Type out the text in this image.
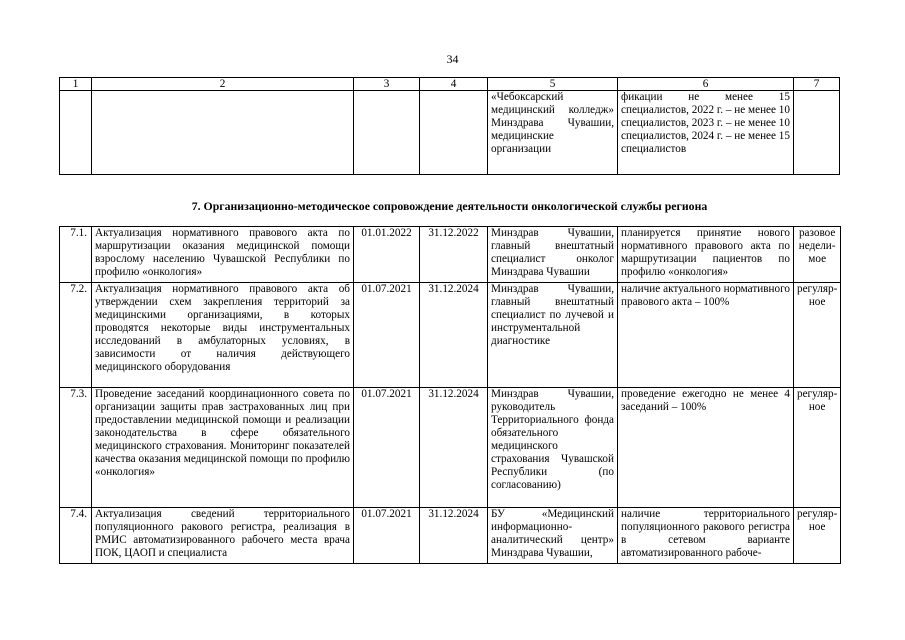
34
1	2	3	4	5	6	7
				«Чебоксарский медицинский колледж» Минздрава Чувашии, медицинские организации	фикации не менее 15 специалистов, 2022 г. – не менее 10 специалистов, 2023 г. – не менее 10 специалистов, 2024 г. – не менее 15 специалистов	
7. Организационно-методическое сопровождение деятельности онкологической службы региона
7.1.	Актуализация нормативного правового акта по маршрутизации оказания медицинской помощи взрослому населению Чувашской Республики по профилю «онкология»	01.01.2022	31.12.2022	Минздрав Чувашии, главный внештатный специалист онколог Минздрава Чувашии	планируется принятие нового нормативного правового акта по маршрутизации пациентов по профилю «онкология»	разовое недели-мое
7.2.	Актуализация нормативного правового акта об утверждении схем закрепления территорий за медицинскими организациями, в которых проводятся некоторые виды инструментальных исследований в амбулаторных условиях, в зависимости от наличия действующего медицинского оборудования	01.07.2021	31.12.2024	Минздрав Чувашии, главный внештатный специалист по лучевой и инструментальной диагностике	наличие актуального нормативного правового акта – 100%	регуляр-ное
7.3.	Проведение заседаний координационного совета по организации защиты прав застрахованных лиц при предоставлении медицинской помощи и реализации законодательства в сфере обязательного медицинского страхования. Мониторинг показателей качества оказания медицинской помощи по профилю «онкология»	01.07.2021	31.12.2024	Минздрав Чувашии, руководитель Территориального фонда обязательного медицинского страхования Чувашской Республики (по согласованию)	проведение ежегодно не менее 4 заседаний – 100%	регуляр-ное
7.4.	Актуализация сведений территориального популяционного ракового регистра, реализация в РМИС автоматизированного рабочего места врача ПОК, ЦАОП и специалиста	01.07.2021	31.12.2024	БУ «Медицинский информационно-аналитический центр» Минздрава Чувашии,	наличие территориального популяционного ракового регистра в сетевом варианте автоматизированного рабоче-	регуляр-ное
